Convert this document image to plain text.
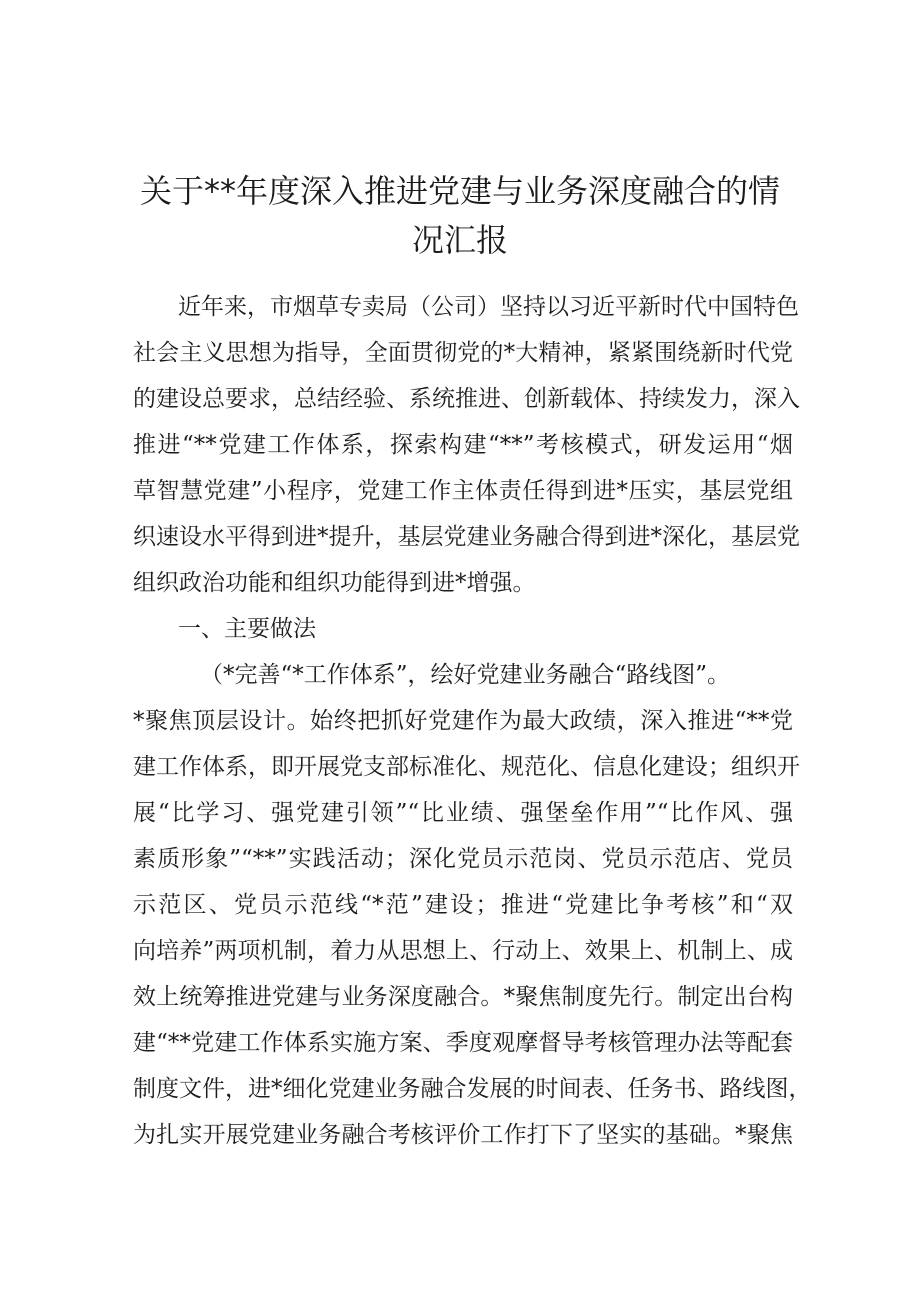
关于**年度深入推进党建与业务深度融合的情
况汇报
近年来，市烟草专卖局（公司）坚持以习近平新时代中国特色
社会主义思想为指导，全面贯彻党的*大精神，紧紧围绕新时代党
的建设总要求，总结经验、系统推进、创新载体、持续发力，深入
推进“**党建工作体系，探索构建“**”考核模式，研发运用“烟
草智慧党建”小程序，党建工作主体责任得到进*压实，基层党组
织速设水平得到进*提升，基层党建业务融合得到进*深化，基层党
组织政治功能和组织功能得到进*增强。
一、主要做法
（*完善“*工作体系”，绘好党建业务融合“路线图”。
*聚焦顶层设计。始终把抓好党建作为最大政绩，深入推进“**党
建工作体系，即开展党支部标准化、规范化、信息化建设；组织开
展“比学习、强党建引领”“比业绩、强堡垒作用”“比作风、强
素质形象”“**”实践活动；深化党员示范岗、党员示范店、党员
示范区、党员示范线“*范”建设；推进“党建比争考核”和“双
向培养”两项机制，着力从思想上、行动上、效果上、机制上、成
效上统筹推进党建与业务深度融合。*聚焦制度先行。制定出台构
建“**党建工作体系实施方案、季度观摩督导考核管理办法等配套
制度文件，进*细化党建业务融合发展的时间表、任务书、路线图，
为扎实开展党建业务融合考核评价工作打下了坚实的基础。*聚焦
